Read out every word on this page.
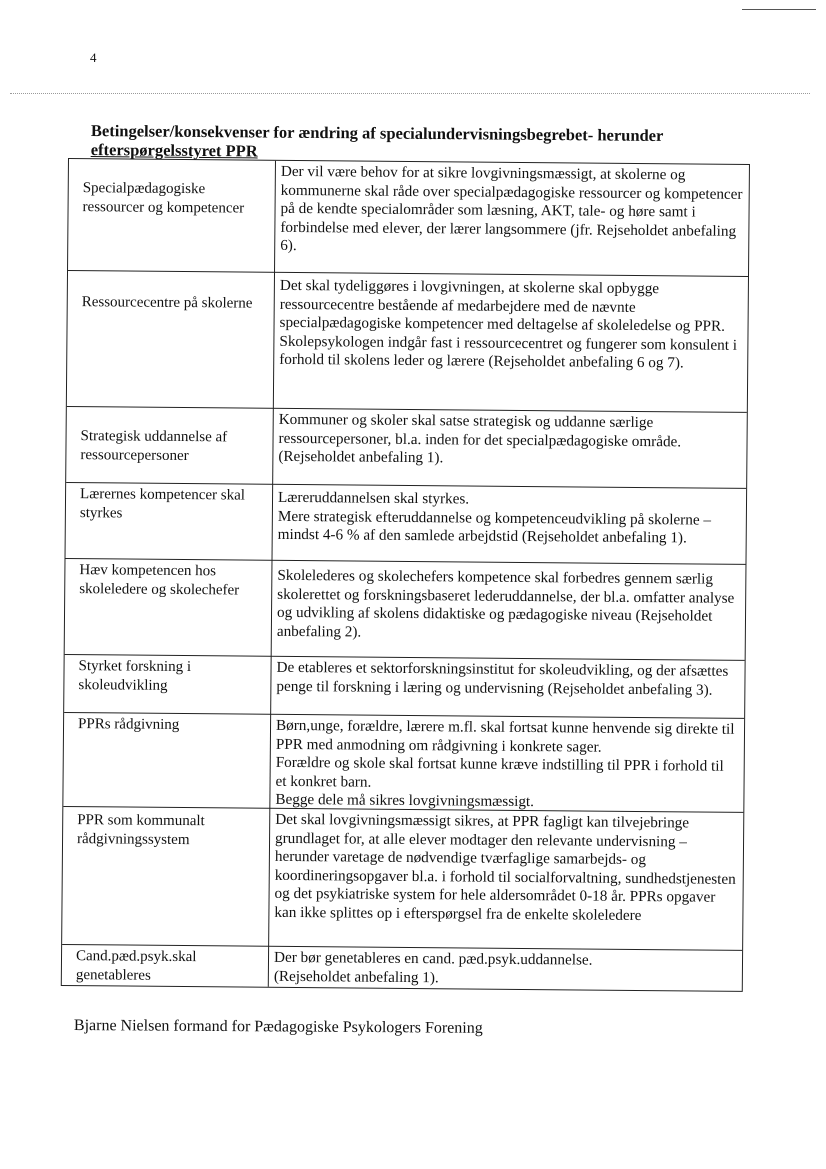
4
Betingelser/konsekvenser for ændring af specialundervisningsbegrebet- herunder
efterspørgelsstyret PPR
Specialpædagogiske ressourcer og kompetencer

Der vil være behov for at sikre lovgivningsmæssigt, at skolerne og kommunerne skal råde over specialpædagogiske ressourcer og kompetencer på de kendte specialområder som læsning, AKT, tale- og høre samt i forbindelse med elever, der lærer langsommere (jfr. Rejseholdet anbefaling 6).

Ressourcecentre på skolerne

Det skal tydeliggøres i lovgivningen, at skolerne skal opbygge ressourcecentre bestående af medarbejdere med de nævnte specialpædagogiske kompetencer med deltagelse af skoleledelse og PPR. Skolepsykologen indgår fast i ressourcecentret og fungerer som konsulent i forhold til skolens leder og lærere (Rejseholdet anbefaling 6 og 7).

Strategisk uddannelse af ressourcepersoner

Kommuner og skoler skal satse strategisk og uddanne særlige ressourcepersoner, bl.a. inden for det specialpædagogiske område. (Rejseholdet anbefaling 1).

Lærernes kompetencer skal styrkes

Læreruddannelsen skal styrkes.

Mere strategisk efteruddannelse og kompetenceudvikling på skolerne – mindst 4-6 % af den samlede arbejdstid (Rejseholdet anbefaling 1).

Hæv kompetencen hos skoleledere og skolechefer

Skolelederes og skolechefers kompetence skal forbedres gennem særlig skolerettet og forskningsbaseret lederuddannelse, der bl.a. omfatter analyse og udvikling af skolens didaktiske og pædagogiske niveau (Rejseholdet anbefaling 2).

Styrket forskning i skoleudvikling

De etableres et sektorforskningsinstitut for skoleudvikling, og der afsættes penge til forskning i læring og undervisning (Rejseholdet anbefaling 3).

PPRs rådgivning	Børn,unge, forældre, lærere m.fl. skal fortsat kunne henvende sig direkte til PPR med anmodning om rådgivning i konkrete sager.

Forældre og skole skal fortsat kunne kræve indstilling til PPR i forhold til et konkret barn.

Begge dele må sikres lovgivningsmæssigt.

PPR som kommunalt rådgivningssystem

Det skal lovgivningsmæssigt sikres, at PPR fagligt kan tilvejebringe grundlaget for, at alle elever modtager den relevante undervisning – herunder varetage de nødvendige tværfaglige samarbejds- og koordineringsopgaver bl.a. i forhold til socialforvaltning, sundhedstjenesten og det psykiatriske system for hele aldersområdet 0-18 år. PPRs opgaver kan ikke splittes op i efterspørgsel fra de enkelte skoleledere

Cand.pæd.psyk.skal genetableres

Der bør genetableres en cand. pæd.psyk.uddannelse.

(Rejseholdet anbefaling 1).

Bjarne Nielsen formand for Pædagogiske Psykologers Forening
